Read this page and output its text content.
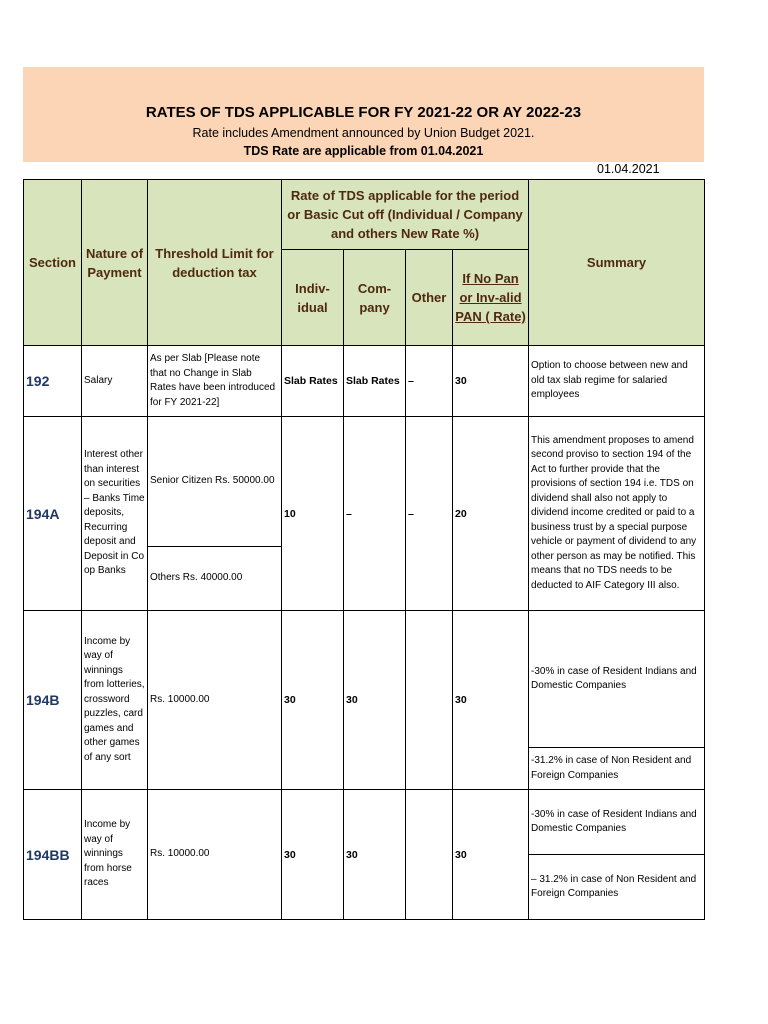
RATES OF TDS APPLICABLE FOR FY 2021-22 OR AY 2022-23
Rate includes Amendment announced by Union Budget 2021.
TDS Rate are applicable from 01.04.2021
01.04.2021
Section	Nature of Payment	Threshold Limit for deduction tax	Rate of TDS applicable for the period or Basic Cut off (Individual / Company and others New Rate %)				Summary
			Indiv-idual	Com-pany	Other	If No Pan or Inv-alid PAN ( Rate)	
192	Salary	As per Slab [Please note that no Change in Slab Rates have been introduced for FY 2021-22]	Slab Rates	Slab Rates	–	30	Option to choose between new and old tax slab regime for salaried employees
194A	Interest other than interest on securities – Banks Time deposits, Recurring deposit and Deposit in Co op Banks	Senior Citizen Rs. 50000.00	10	–	–	20	This amendment proposes to amend second proviso to section 194 of the Act to further provide that the provisions of section 194 i.e. TDS on dividend shall also not apply to dividend income credited or paid to a business trust by a special purpose vehicle or payment of dividend to any other person as may be notified. This means that no TDS needs to be deducted to AIF Category III also.
		Others Rs. 40000.00					
194B	Income by way of winnings from lotteries, crossword puzzles, card games and other games of any sort	Rs. 10000.00	30	30		30	-30% in case of Resident Indians and Domestic Companies
							-31.2% in case of Non Resident and Foreign Companies
194BB	Income by way of winnings from horse races	Rs. 10000.00	30	30		30	-30% in case of Resident Indians and Domestic Companies
							– 31.2% in case of Non Resident and Foreign Companies
